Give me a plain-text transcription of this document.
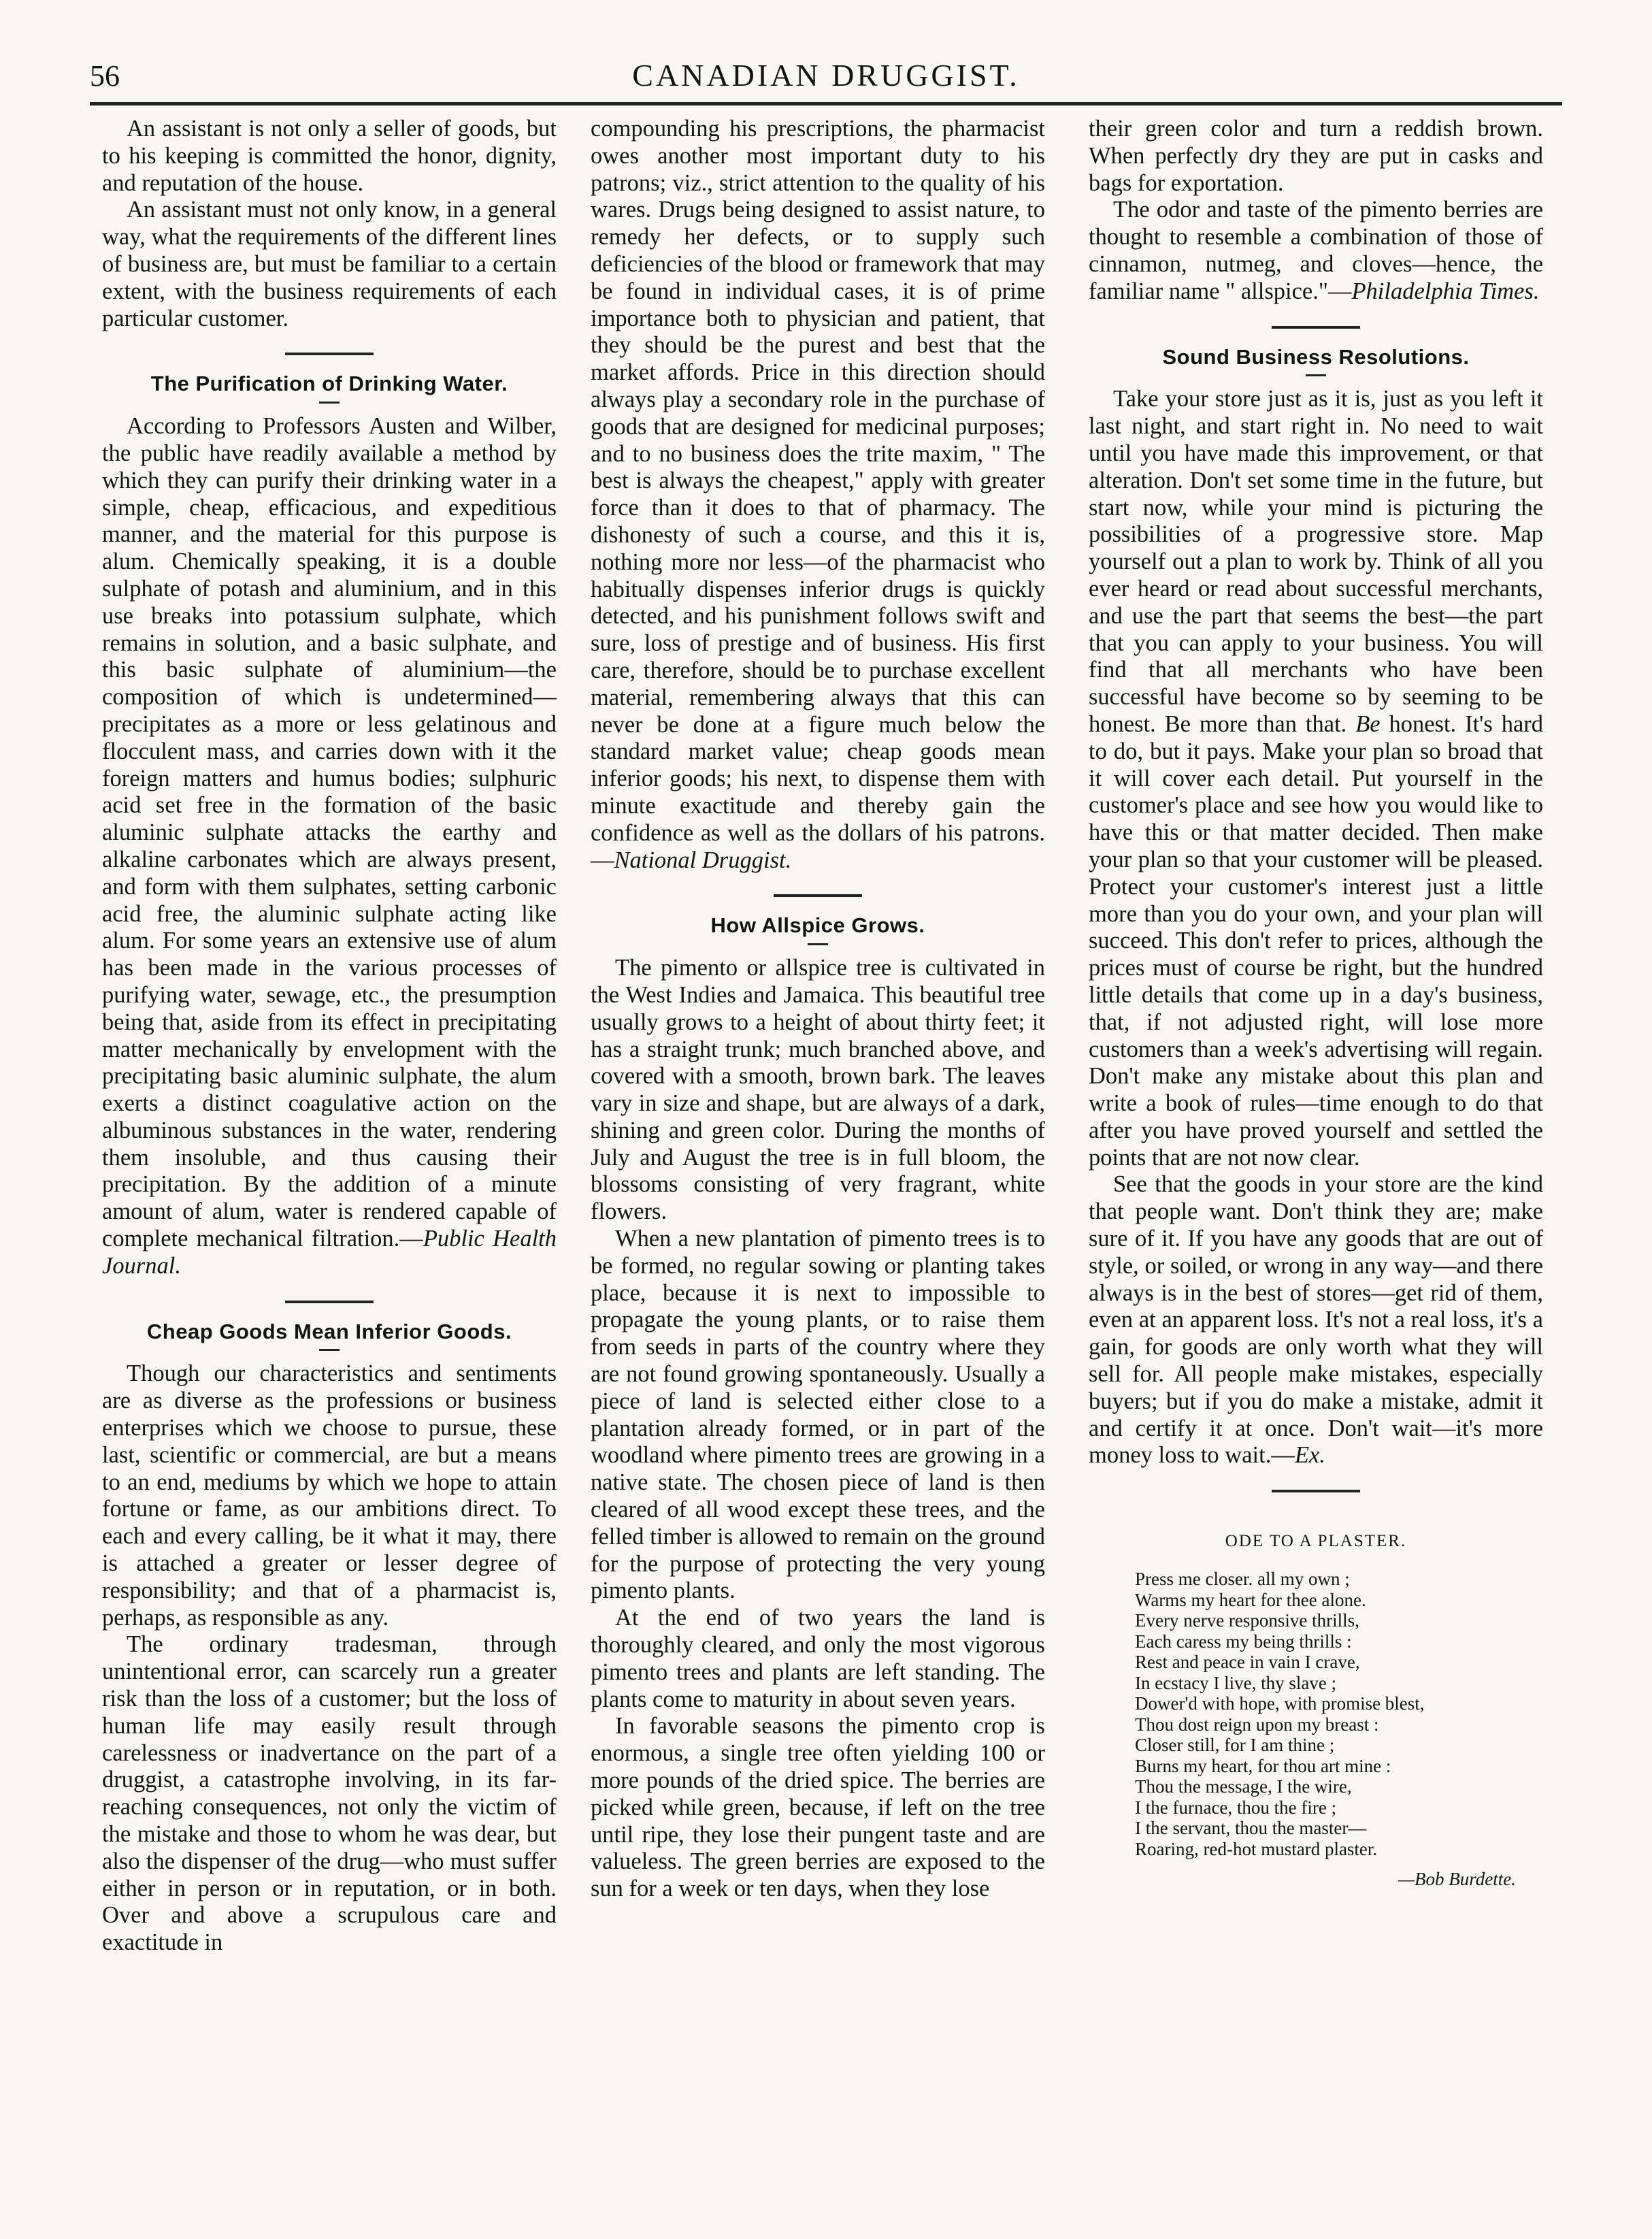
56	CANADIAN DRUGGIST.

An assistant is not only a seller of goods, but to his keeping is committed the honor, dignity, and reputation of the house.

An assistant must not only know, in a general way, what the requirements of the different lines of business are, but must be familiar to a certain extent, with the business requirements of each particular customer.

The Purification of Drinking Water.

According to Professors Austen and Wilber, the public have readily available a method by which they can purify their drinking water in a simple, cheap, efficacious, and expeditious manner, and the material for this purpose is alum. Chemically speaking, it is a double sulphate of potash and aluminium, and in this use breaks into potassium sulphate, which remains in solution, and a basic sulphate, and this basic sulphate of aluminium—the composition of which is undetermined—precipitates as a more or less gelatinous and flocculent mass, and carries down with it the foreign matters and humus bodies; sulphuric acid set free in the formation of the basic aluminic sulphate attacks the earthy and alkaline carbonates which are always present, and form with them sulphates, setting carbonic acid free, the aluminic sulphate acting like alum. For some years an extensive use of alum has been made in the various processes of purifying water, sewage, etc., the presumption being that, aside from its effect in precipitating matter mechanically by envelopment with the precipitating basic aluminic sulphate, the alum exerts a distinct coagulative action on the albuminous substances in the water, rendering them insoluble, and thus causing their precipitation. By the addition of a minute amount of alum, water is rendered capable of complete mechanical filtration.—Public Health Journal.

Cheap Goods Mean Inferior Goods.

Though our characteristics and sentiments are as diverse as the professions or business enterprises which we choose to pursue, these last, scientific or commercial, are but a means to an end, mediums by which we hope to attain fortune or fame, as our ambitions direct. To each and every calling, be it what it may, there is attached a greater or lesser degree of responsibility; and that of a pharmacist is, perhaps, as responsible as any.

The ordinary tradesman, through unintentional error, can scarcely run a greater risk than the loss of a customer; but the loss of human life may easily result through carelessness or inadvertance on the part of a druggist, a catastrophe involving, in its far-reaching consequences, not only the victim of the mistake and those to whom he was dear, but also the dispenser of the drug—who must suffer either in person or in reputation, or in both. Over and above a scrupulous care and exactitude in

compounding his prescriptions, the pharmacist owes another most important duty to his patrons; viz., strict attention to the quality of his wares. Drugs being designed to assist nature, to remedy her defects, or to supply such deficiencies of the blood or framework that may be found in individual cases, it is of prime importance both to physician and patient, that they should be the purest and best that the market affords. Price in this direction should always play a secondary role in the purchase of goods that are designed for medicinal purposes; and to no business does the trite maxim, " The best is always the cheapest," apply with greater force than it does to that of pharmacy. The dishonesty of such a course, and this it is, nothing more nor less—of the pharmacist who habitually dispenses inferior drugs is quickly detected, and his punishment follows swift and sure, loss of prestige and of business. His first care, therefore, should be to purchase excellent material, remembering always that this can never be done at a figure much below the standard market value; cheap goods mean inferior goods; his next, to dispense them with minute exactitude and thereby gain the confidence as well as the dollars of his patrons.—National Druggist.

How Allspice Grows.

The pimento or allspice tree is cultivated in the West Indies and Jamaica. This beautiful tree usually grows to a height of about thirty feet; it has a straight trunk; much branched above, and covered with a smooth, brown bark. The leaves vary in size and shape, but are always of a dark, shining and green color. During the months of July and August the tree is in full bloom, the blossoms consisting of very fragrant, white flowers.

When a new plantation of pimento trees is to be formed, no regular sowing or planting takes place, because it is next to impossible to propagate the young plants, or to raise them from seeds in parts of the country where they are not found growing spontaneously. Usually a piece of land is selected either close to a plantation already formed, or in part of the woodland where pimento trees are growing in a native state. The chosen piece of land is then cleared of all wood except these trees, and the felled timber is allowed to remain on the ground for the purpose of protecting the very young pimento plants.

At the end of two years the land is thoroughly cleared, and only the most vigorous pimento trees and plants are left standing. The plants come to maturity in about seven years.

In favorable seasons the pimento crop is enormous, a single tree often yielding 100 or more pounds of the dried spice. The berries are picked while green, because, if left on the tree until ripe, they lose their pungent taste and are valueless. The green berries are exposed to the sun for a week or ten days, when they lose

their green color and turn a reddish brown. When perfectly dry they are put in casks and bags for exportation.

The odor and taste of the pimento berries are thought to resemble a combination of those of cinnamon, nutmeg, and cloves—hence, the familiar name " allspice."—Philadelphia Times.

Sound Business Resolutions.

Take your store just as it is, just as you left it last night, and start right in. No need to wait until you have made this improvement, or that alteration. Don't set some time in the future, but start now, while your mind is picturing the possibilities of a progressive store. Map yourself out a plan to work by. Think of all you ever heard or read about successful merchants, and use the part that seems the best—the part that you can apply to your business. You will find that all merchants who have been successful have become so by seeming to be honest. Be more than that. Be honest. It's hard to do, but it pays. Make your plan so broad that it will cover each detail. Put yourself in the customer's place and see how you would like to have this or that matter decided. Then make your plan so that your customer will be pleased. Protect your customer's interest just a little more than you do your own, and your plan will succeed. This don't refer to prices, although the prices must of course be right, but the hundred little details that come up in a day's business, that, if not adjusted right, will lose more customers than a week's advertising will regain. Don't make any mistake about this plan and write a book of rules—time enough to do that after you have proved yourself and settled the points that are not now clear.

See that the goods in your store are the kind that people want. Don't think they are; make sure of it. If you have any goods that are out of style, or soiled, or wrong in any way—and there always is in the best of stores—get rid of them, even at an apparent loss. It's not a real loss, it's a gain, for goods are only worth what they will sell for. All people make mistakes, especially buyers; but if you do make a mistake, admit it and certify it at once. Don't wait—it's more money loss to wait.—Ex.

ODE TO A PLASTER.
Press me closer. all my own ;
Warms my heart for thee alone.
Every nerve responsive thrills,
Each caress my being thrills :
Rest and peace in vain I crave,
In ecstacy I live, thy slave ;
Dower'd with hope, with promise blest,
Thou dost reign upon my breast :
Closer still, for I am thine ;
Burns my heart, for thou art mine :
Thou the message, I the wire,
I the furnace, thou the fire ;
I the servant, thou the master—
Roaring, red-hot mustard plaster.
—Bob Burdette.
